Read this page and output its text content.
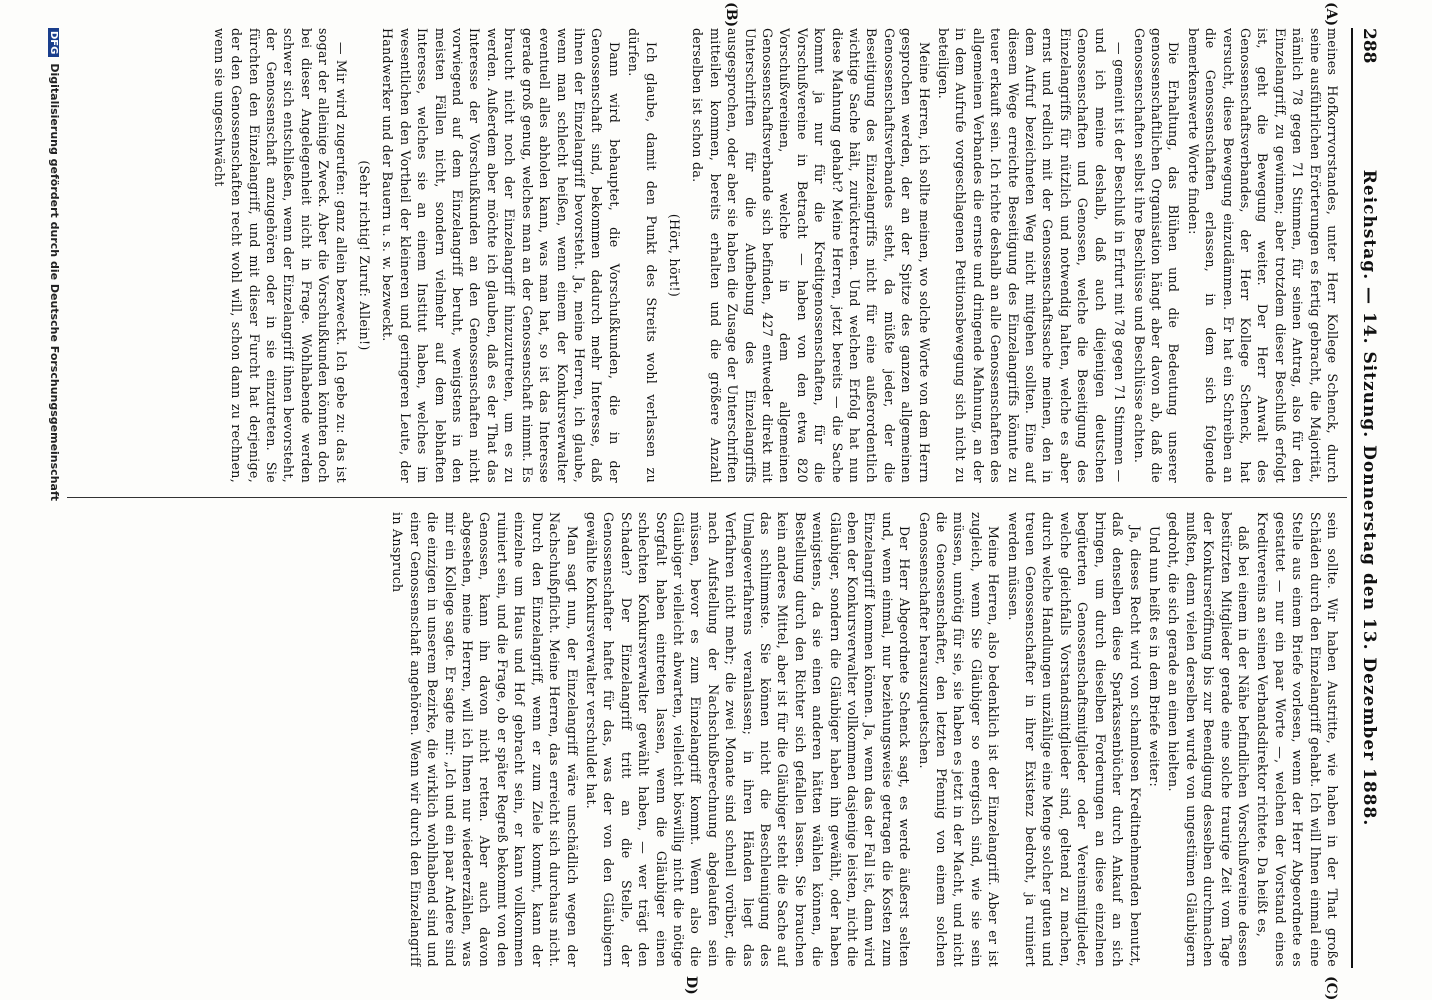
288
Reichstag. — 14. Sitzung. Donnerstag den 13. Dezember 1888.
(A)
(B)
(C)
D)

meines Hofkorrvorstandes, unter Herr Kollege Schenck, durch seine ausführlichen Erörterungen es fertig gebracht, die Majorität, nämlich 78 gegen 71 Stimmen, für seinen Antrag, also für den Einzelangriff, zu gewinnen; aber trotzdem dieser Beschluß erfolgt ist, geht die Bewegung weiter. Der Herr Anwalt des Genossenschaftsverbandes, der Herr Kollege Schenck, hat versucht, diese Bewegung einzudämmen. Er hat ein Schreiben an die Genossenschaften erlassen, in dem sich folgende bemerkenswerte Worte finden:

Die Erhaltung, das Blühen und die Bedeutung unserer genossenschaftlichen Organisation hängt aber davon ab, daß die Genossenschaften selbst ihre Beschlüsse und Beschlüsse achten.

— gemeint ist der Beschluß in Erfurt mit 78 gegen 71 Stimmen —

und ich meine deshalb, daß auch diejenigen deutschen Genossenschaften und Genossen, welche die Beseitigung des Einzelangriffs für nützlich und notwendig halten, welche es aber ernst und redlich mit der Genossenschaftssache meinen, den in dem Aufruf bezeichneten Weg nicht mitgehen sollten. Eine auf diesem Wege erreichte Beseitigung des Einzelangriffs könnte zu teuer erkauft sein. Ich richte deshalb an alle Genossenschaften des allgemeinen Verbandes die ernste und dringende Mahnung, an der in dem Aufrufe vorgeschlagenen Petitionsbewegung sich nicht zu beteiligen.

Meine Herren, ich sollte meinen, wo solche Worte von dem Herrn gesprochen werden, der an der Spitze des ganzen allgemeinen Genossenschaftsverbandes steht, da müßte jeder, der die Beseitigung des Einzelangriffs nicht für eine außerordentlich wichtige Sache hält, zurücktreten. Und welchen Erfolg hat nun diese Mahnung gehabt? Meine Herren, jetzt bereits — die Sache kommt ja nur für die Kreditgenossenschaften, für die Vorschußvereine in Betracht — haben von den etwa 820 Vorschußvereinen, welche in dem allgemeinen Genossenschaftsverbande sich befinden, 427 entweder direkt mit Unterschriften für die Aufhebung des Einzelangriffs ausgesprochen, oder aber sie haben die Zusage der Unterschriften mitteilen kommen, bereits erhalten und die größere Anzahl derselben ist schon da.

(Hört, hört!)

Ich glaube, damit den Punkt des Streits wohl verlassen zu dürfen.

Dann wird behauptet, die Vorschußkunden, die in der Genossenschaft sind, bekommen dadurch mehr Interesse, daß ihnen der Einzelangriff bevorsteht. Ja, meine Herren, ich glaube, wenn man schlecht heißen, wenn einem der Konkursverwalter eventuell alles abholen kann, was man hat, so ist das Interesse gerade groß genug, welches man an der Genossenschaft nimmt. Es braucht nicht noch der Einzelangriff hinzuzutreten, um es zu werden. Außerdem aber möchte ich glauben, daß es der That das Interesse der Vorschußkunden an den Genossenschaften nicht vorwiegend auf dem Einzelangriff beruht, wenigstens in den meisten Fällen nicht, sondern vielmehr auf dem lebhaften Interesse, welches sie an einem Institut haben, welches im wesentlichen den Vortheil der kleineren und geringeren Leute, der Handwerker und der Bauern u. s. w. bezweckt.

(Sehr richtig! Zuruf: Allein!)

— Mir wird zugerufen: ganz allein bezweckt. Ich gebe zu: das ist sogar der alleinige Zweck. Aber die Vorschußkunden könnten doch bei dieser Angelegenheit nicht in Frage. Wohlhabende werden schwer sich entschließen, wenn der Einzelangriff ihnen bevorsteht, der Genossenschaft anzugehören oder in sie einzutreten. Sie fürchten den Einzelangriff, und mit dieser Furcht hat derjenige, der den Genossenschaften recht wohl will, schon dann zu rechnen, wenn sie ungeschwächt

sein sollte. Wir haben Austritte, wie haben in der That große Schäden durch den Einzelangriff gehabt. Ich will Ihnen einmal eine Stelle aus einem Briefe vorlesen, wenn der Herr Abgeordnete es gestattet — nur ein paar Worte —, welchen der Vorstand eines Kreditvereins an seinen Verbandsdirektor richtete. Da heißt es,

daß bei einem in der Nähe befindlichen Vorschußvereine dessen bestürzten Mitglieder gerade eine solche traurige Zeit vom Tage der Konkurseröffnung bis zur Beendigung desselben durchmachen mußten, denn vielen derselben wurde von ungestümen Gläubigern gedroht, die sich gerade an einen hielten.

Und nun heißt es in dem Briefe weiter:

Ja, dieses Recht wird von schamlosen Kreditnehmenden benutzt, daß denselben diese Sparkassenbücher durch Ankauf an sich bringen, um durch dieselben Forderungen an diese einzelnen begüterten Genossenschaftsmitglieder oder Vereinsmitglieder, welche gleichfalls Vorstandsmitglieder sind, geltend zu machen, durch welche Handlungen unzählige eine Menge solcher guten und treuen Genossenschafter in ihrer Existenz bedroht, ja ruiniert werden müssen.

Meine Herren, also bedenklich ist der Einzelangriff. Aber er ist zugleich, wenn Sie Gläubiger so energisch sind, wie sie sein müssen, unnötig für sie, sie haben es jetzt in der Macht, und nicht die Genossenschafter, den letzten Pfennig von einem solchen Genossenschafter herauszuquetschen.

Der Herr Abgeordnete Schenck sagt, es werde äußerst selten und, wenn einmal, nur beziehungsweise getragen die Kosten zum Einzelangriff kommen können. Ja, wenn das der Fall ist, dann wird eben der Konkursverwalter vollkommen dasjenige leisten, nicht die Gläubiger, sondern die Gläubiger haben ihn gewählt, oder haben wenigstens, da sie einen anderen hätten wählen können, die Bestellung durch den Richter sich gefallen lassen. Sie brauchen kein anderes Mittel, aber ist für die Gläubiger steht die Sache auf das schlimmste. Sie können nicht die Beschleunigung des Umlageverfahrens veranlassen; in ihren Händen liegt das Verfahren nicht mehr; die zwei Monate sind schnell vorüber, die nach Aufstellung der Nachschußberechnung abgelaufen sein müssen, bevor es zum Einzelangriff kommt. Wenn also die Gläubiger vielleicht abwarten, vielleicht böswillig nicht die nötige Sorgfalt haben eintreten lassen, wenn die Gläubiger einen schlechten Konkursverwalter gewählt haben, — wer trägt den Schaden? Der Einzelangriff tritt an die Stelle, der Genossenschafter haftet für das, was der von den Gläubigern gewählte Konkursverwalter verschuldet hat.

Man sagt nun, der Einzelangriff wäre unschädlich wegen der Nachschußpflicht. Meine Herren, das erreicht sich durchaus nicht. Durch den Einzelangriff, wenn er zum Ziele kommt, kann der einzelne um Haus und Hof gebracht sein, er kann vollkommen ruiniert sein, und die Frage, ob er später Regreß bekommt von den Genossen, kann ihn davon nicht retten. Aber auch davon abgesehen, meine Herren, will ich Ihnen nur wiedererzählen, was mir ein Kollege sagte. Er sagte mir: „Ich und ein paar Andere sind die einzigen in unserem Bezirke, die wirklich wohlhabend sind und einer Genossenschaft angehören. Wenn wir durch den Einzelangriff in Anspruch

DFGDigitalisierung gefördert durch die Deutsche Forschungsgemeinschaft
